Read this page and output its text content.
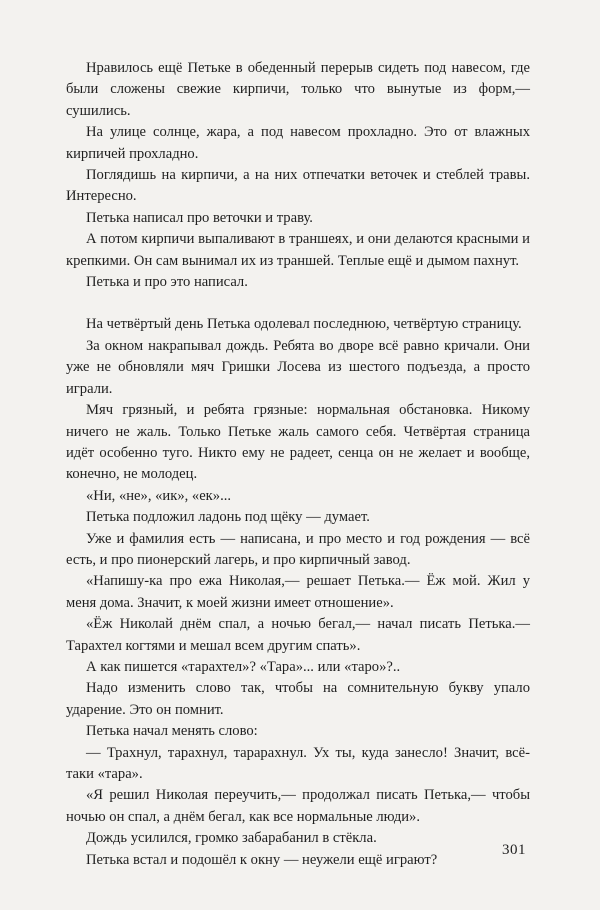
Нравилось ещё Петьке в обеденный перерыв сидеть под навесом, где были сложены свежие кирпичи, только что вынутые из форм,— сушились.

На улице солнце, жара, а под навесом прохладно. Это от влажных кирпичей прохладно.

Поглядишь на кирпичи, а на них отпечатки веточек и стеблей травы. Интересно.

Петька написал про веточки и траву.

А потом кирпичи выпаливают в траншеях, и они делаются красными и крепкими. Он сам вынимал их из траншей. Теплые ещё и дымом пахнут.

Петька и про это написал.

На четвёртый день Петька одолевал последнюю, четвёртую страницу.

За окном накрапывал дождь. Ребята во дворе всё равно кричали. Они уже не обновляли мяч Гришки Лосева из шестого подъезда, а просто играли.

Мяч грязный, и ребята грязные: нормальная обстановка. Никому ничего не жаль. Только Петьке жаль самого себя. Четвёртая страница идёт особенно туго. Никто ему не радеет, сенца он не желает и вообще, конечно, не молодец.

«Ни, «не», «ик», «ек»...

Петька подложил ладонь под щёку — думает.

Уже и фамилия есть — написана, и про место и год рождения — всё есть, и про пионерский лагерь, и про кирпичный завод.

«Напишу-ка про ежа Николая,— решает Петька.— Ёж мой. Жил у меня дома. Значит, к моей жизни имеет отношение».

«Ёж Николай днём спал, а ночью бегал,— начал писать Петька.— Тарахтел когтями и мешал всем другим спать».

А как пишется «тарахтел»? «Тара»... или «таро»?..

Надо изменить слово так, чтобы на сомнительную букву упало ударение. Это он помнит.

Петька начал менять слово:

— Трахнул, тарахнул, тарарахнул. Ух ты, куда занесло! Значит, всё-таки «тара».

«Я решил Николая переучить,— продолжал писать Петька,— чтобы ночью он спал, а днём бегал, как все нормальные люди».

Дождь усилился, громко забарабанил в стёкла.

Петька встал и подошёл к окну — неужели ещё играют?

301
